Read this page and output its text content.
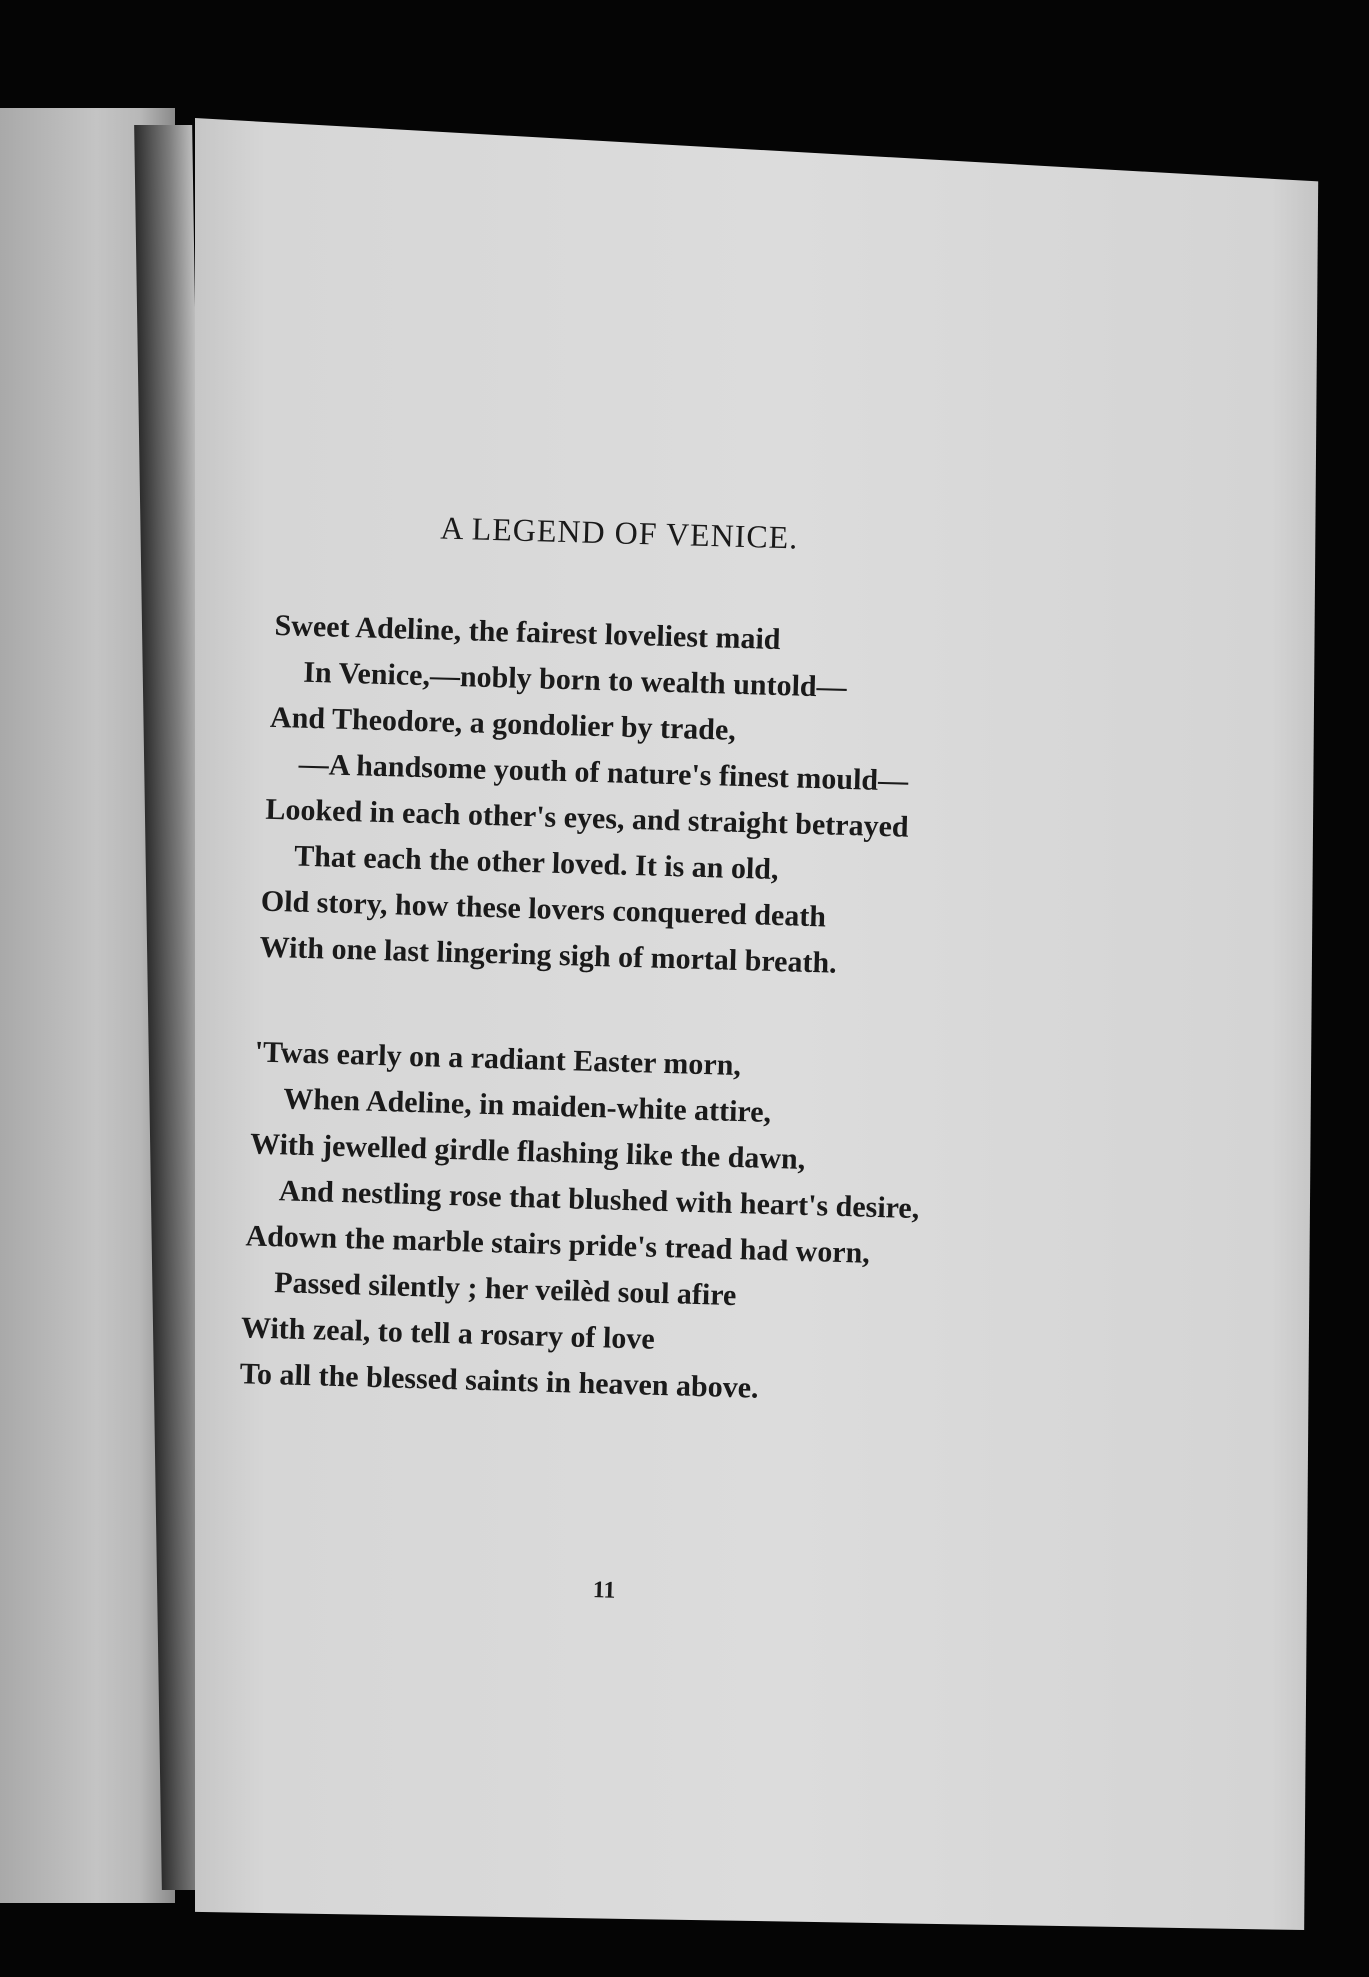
A LEGEND OF VENICE.
Sweet Adeline, the fairest loveliest maid
In Venice,—nobly born to wealth untold—
And Theodore, a gondolier by trade,
—A handsome youth of nature's finest mould—
Looked in each other's eyes, and straight betrayed
That each the other loved. It is an old,
Old story, how these lovers conquered death
With one last lingering sigh of mortal breath.
'Twas early on a radiant Easter morn,
When Adeline, in maiden-white attire,
With jewelled girdle flashing like the dawn,
And nestling rose that blushed with heart's desire,
Adown the marble stairs pride's tread had worn,
Passed silently ; her veilèd soul afire
With zeal, to tell a rosary of love
To all the blessed saints in heaven above.
11
